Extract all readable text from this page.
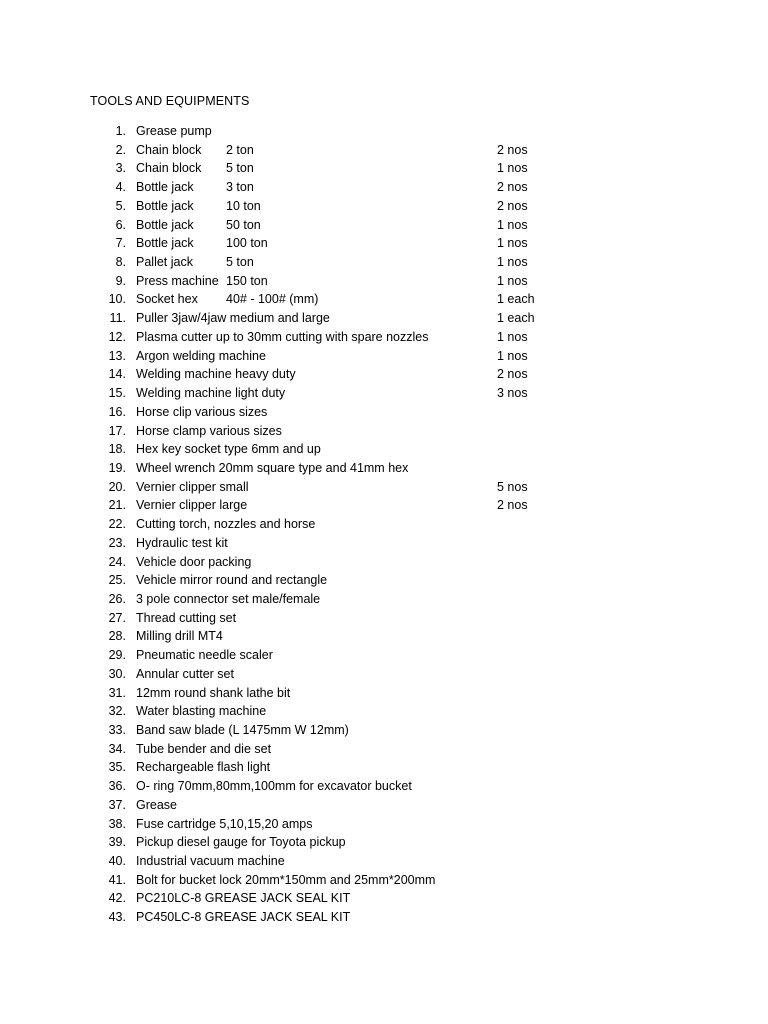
TOOLS AND EQUIPMENTS
1. Grease pump
2. Chain block 2 ton	2 nos
3. Chain block 5 ton	1 nos
4. Bottle jack	3 ton	2 nos
5. Bottle jack	10 ton	2 nos
6. Bottle jack	50 ton	1 nos
7. Bottle jack	100 ton	1 nos
8. Pallet jack	5 ton	1 nos
9. Press machine 150 ton	1 nos
10. Socket hex 40# - 100# (mm)	1 each
11. Puller 3jaw/4jaw medium and large	1 each
12. Plasma cutter up to 30mm cutting with spare nozzles	1 nos
13. Argon welding machine	1 nos
14. Welding machine heavy duty	2 nos
15. Welding machine light duty	3 nos
16. Horse clip various sizes
17. Horse clamp various sizes
18. Hex key socket type 6mm and up
19. Wheel wrench 20mm square type and 41mm hex
20. Vernier clipper small	5 nos
21. Vernier clipper large	2 nos
22. Cutting torch, nozzles and horse
23. Hydraulic test kit
24. Vehicle door packing
25. Vehicle mirror round and rectangle
26. 3 pole connector set male/female
27. Thread cutting set
28. Milling drill MT4
29. Pneumatic needle scaler
30. Annular cutter set
31. 12mm round shank lathe bit
32. Water blasting machine
33. Band saw blade (L 1475mm W 12mm)
34. Tube bender and die set
35. Rechargeable flash light
36. O- ring 70mm,80mm,100mm for excavator bucket
37. Grease
38. Fuse cartridge 5,10,15,20 amps
39. Pickup diesel gauge for Toyota pickup
40. Industrial vacuum machine
41. Bolt for bucket lock 20mm*150mm and 25mm*200mm
42. PC210LC-8 GREASE JACK SEAL KIT
43. PC450LC-8 GREASE JACK SEAL KIT
